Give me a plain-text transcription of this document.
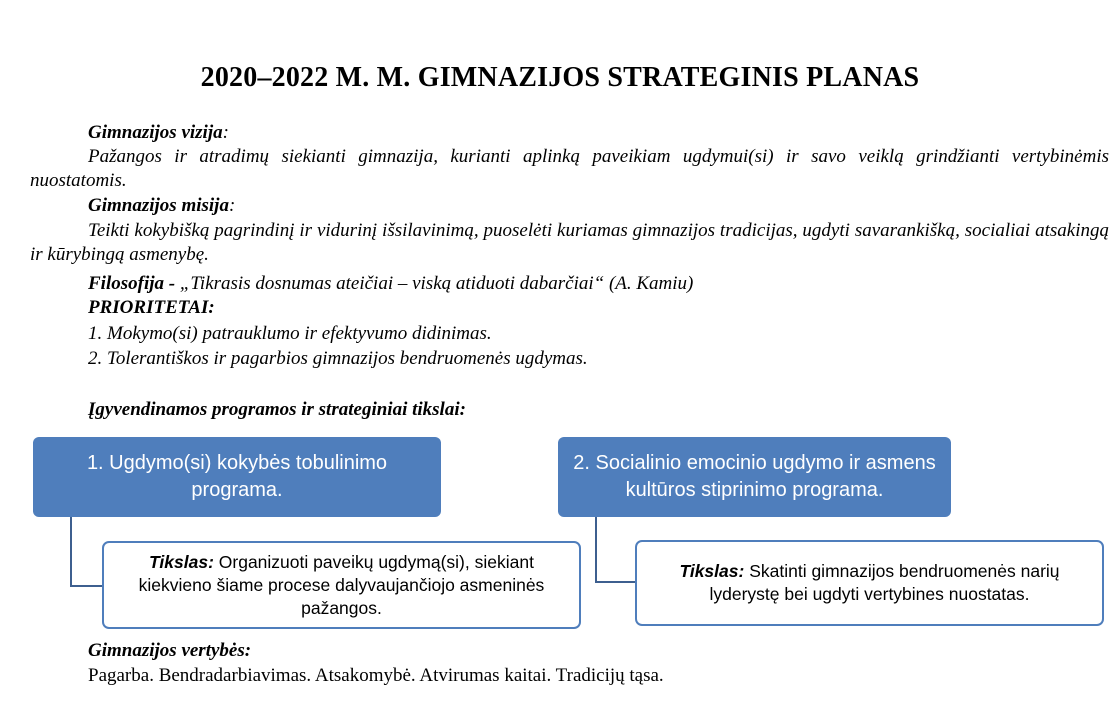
2020–2022 M. M. GIMNAZIJOS STRATEGINIS PLANAS
Gimnazijos vizija:
Pažangos ir atradimų siekianti gimnazija, kurianti aplinką paveikiam ugdymui(si) ir savo veiklą grindžianti vertybinėmis nuostatomis.
Gimnazijos misija:
Teikti kokybišką pagrindinį ir vidurinį išsilavinimą, puoselėti kuriamas gimnazijos tradicijas, ugdyti savarankišką, socialiai atsakingą ir kūrybingą asmenybę.
Filosofija - „Tikrasis dosnumas ateičiai – viską atiduoti dabarčiai“ (A. Kamiu)
PRIORITETAI:
1. Mokymo(si) patrauklumo ir efektyvumo didinimas.
2. Tolerantiškos ir pagarbios gimnazijos bendruomenės ugdymas.
Įgyvendinamos programos ir strateginiai tikslai:
1. Ugdymo(si) kokybės tobulinimo programa.
Tikslas: Organizuoti paveikų ugdymą(si), siekiant kiekvieno šiame procese dalyvaujančiojo asmeninės pažangos.
2. Socialinio emocinio ugdymo ir asmens kultūros stiprinimo programa.
Tikslas: Skatinti gimnazijos bendruomenės narių lyderystę bei ugdyti vertybines nuostatas.
Gimnazijos vertybės:
Pagarba. Bendradarbiavimas. Atsakomybė. Atvirumas kaitai. Tradicijų tąsa.
